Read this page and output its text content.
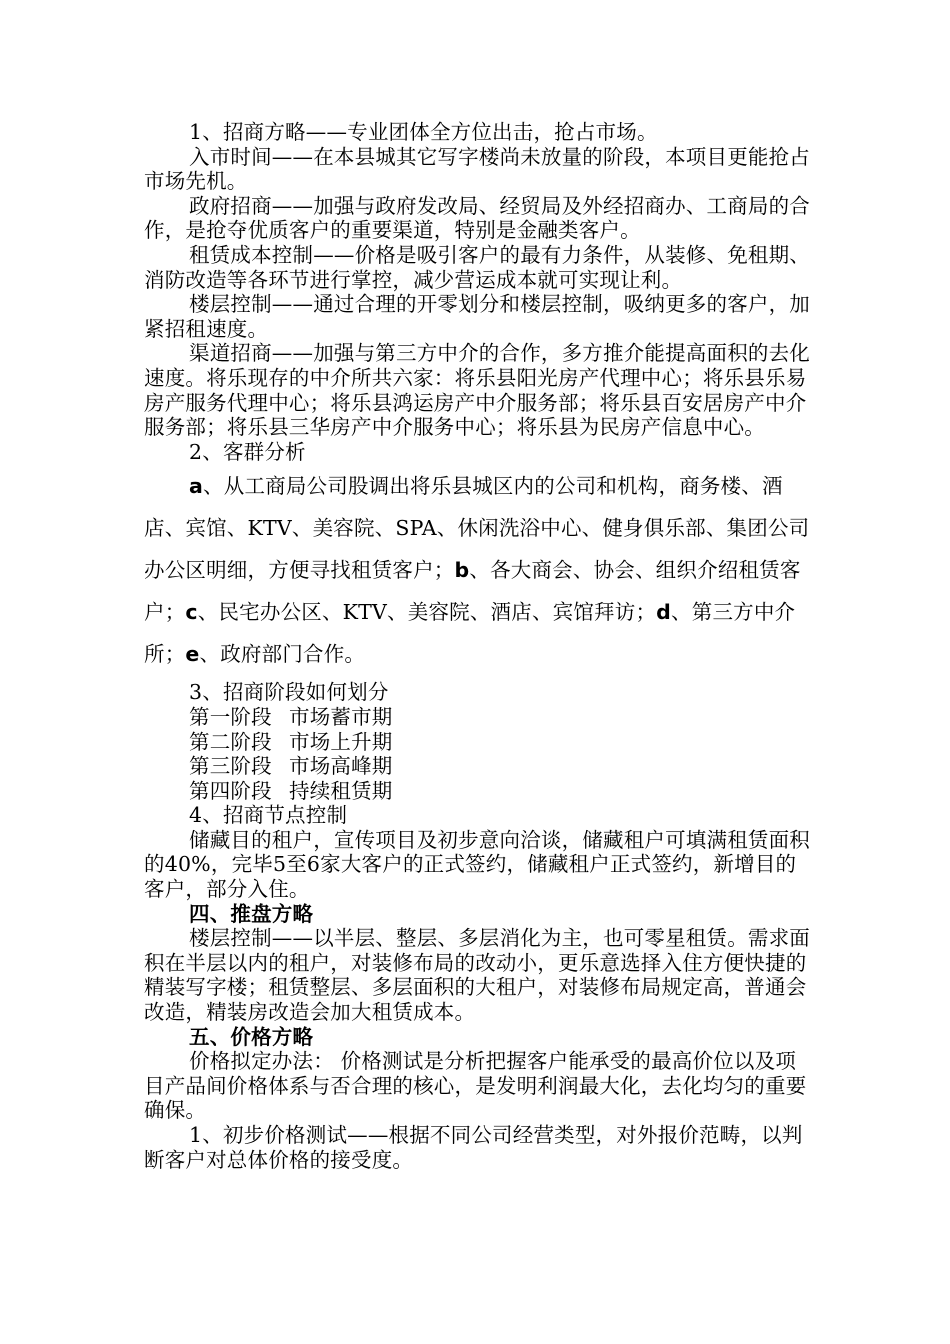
1、招商方略——专业团体全方位出击，抢占市场。

入市时间——在本县城其它写字楼尚未放量的阶段，本项目更能抢占市场先机。

政府招商——加强与政府发改局、经贸局及外经招商办、工商局的合作，是抢夺优质客户的重要渠道，特别是金融类客户。

租赁成本控制——价格是吸引客户的最有力条件，从装修、免租期、消防改造等各环节进行掌控，减少营运成本就可实现让利。

楼层控制——通过合理的开零划分和楼层控制，吸纳更多的客户，加紧招租速度。

渠道招商——加强与第三方中介的合作，多方推介能提高面积的去化速度。将乐现存的中介所共六家：将乐县阳光房产代理中心；将乐县乐易房产服务代理中心；将乐县鸿运房产中介服务部；将乐县百安居房产中介服务部；将乐县三华房产中介服务中心；将乐县为民房产信息中心。

2、客群分析

a、从工商局公司股调出将乐县城区内的公司和机构，商务楼、酒店、宾馆、KTV、美容院、SPA、休闲洗浴中心、健身俱乐部、集团公司办公区明细，方便寻找租赁客户；b、各大商会、协会、组织介绍租赁客户；c、民宅办公区、KTV、美容院、酒店、宾馆拜访；d、第三方中介所；e、政府部门合作。

3、招商阶段如何划分

第一阶段 市场蓄市期

第二阶段 市场上升期

第三阶段 市场高峰期

第四阶段 持续租赁期

4、招商节点控制

储藏目的租户，宣传项目及初步意向洽谈，储藏租户可填满租赁面积的40%，完毕5至6家大客户的正式签约，储藏租户正式签约，新增目的客户，部分入住。

四、推盘方略

楼层控制——以半层、整层、多层消化为主，也可零星租赁。需求面积在半层以内的租户，对装修布局的改动小，更乐意选择入住方便快捷的精装写字楼；租赁整层、多层面积的大租户，对装修布局规定高，普通会改造，精装房改造会加大租赁成本。

五、价格方略

价格拟定办法： 价格测试是分析把握客户能承受的最高价位以及项目产品间价格体系与否合理的核心，是发明利润最大化，去化均匀的重要确保。

1、初步价格测试——根据不同公司经营类型，对外报价范畴，以判断客户对总体价格的接受度。
